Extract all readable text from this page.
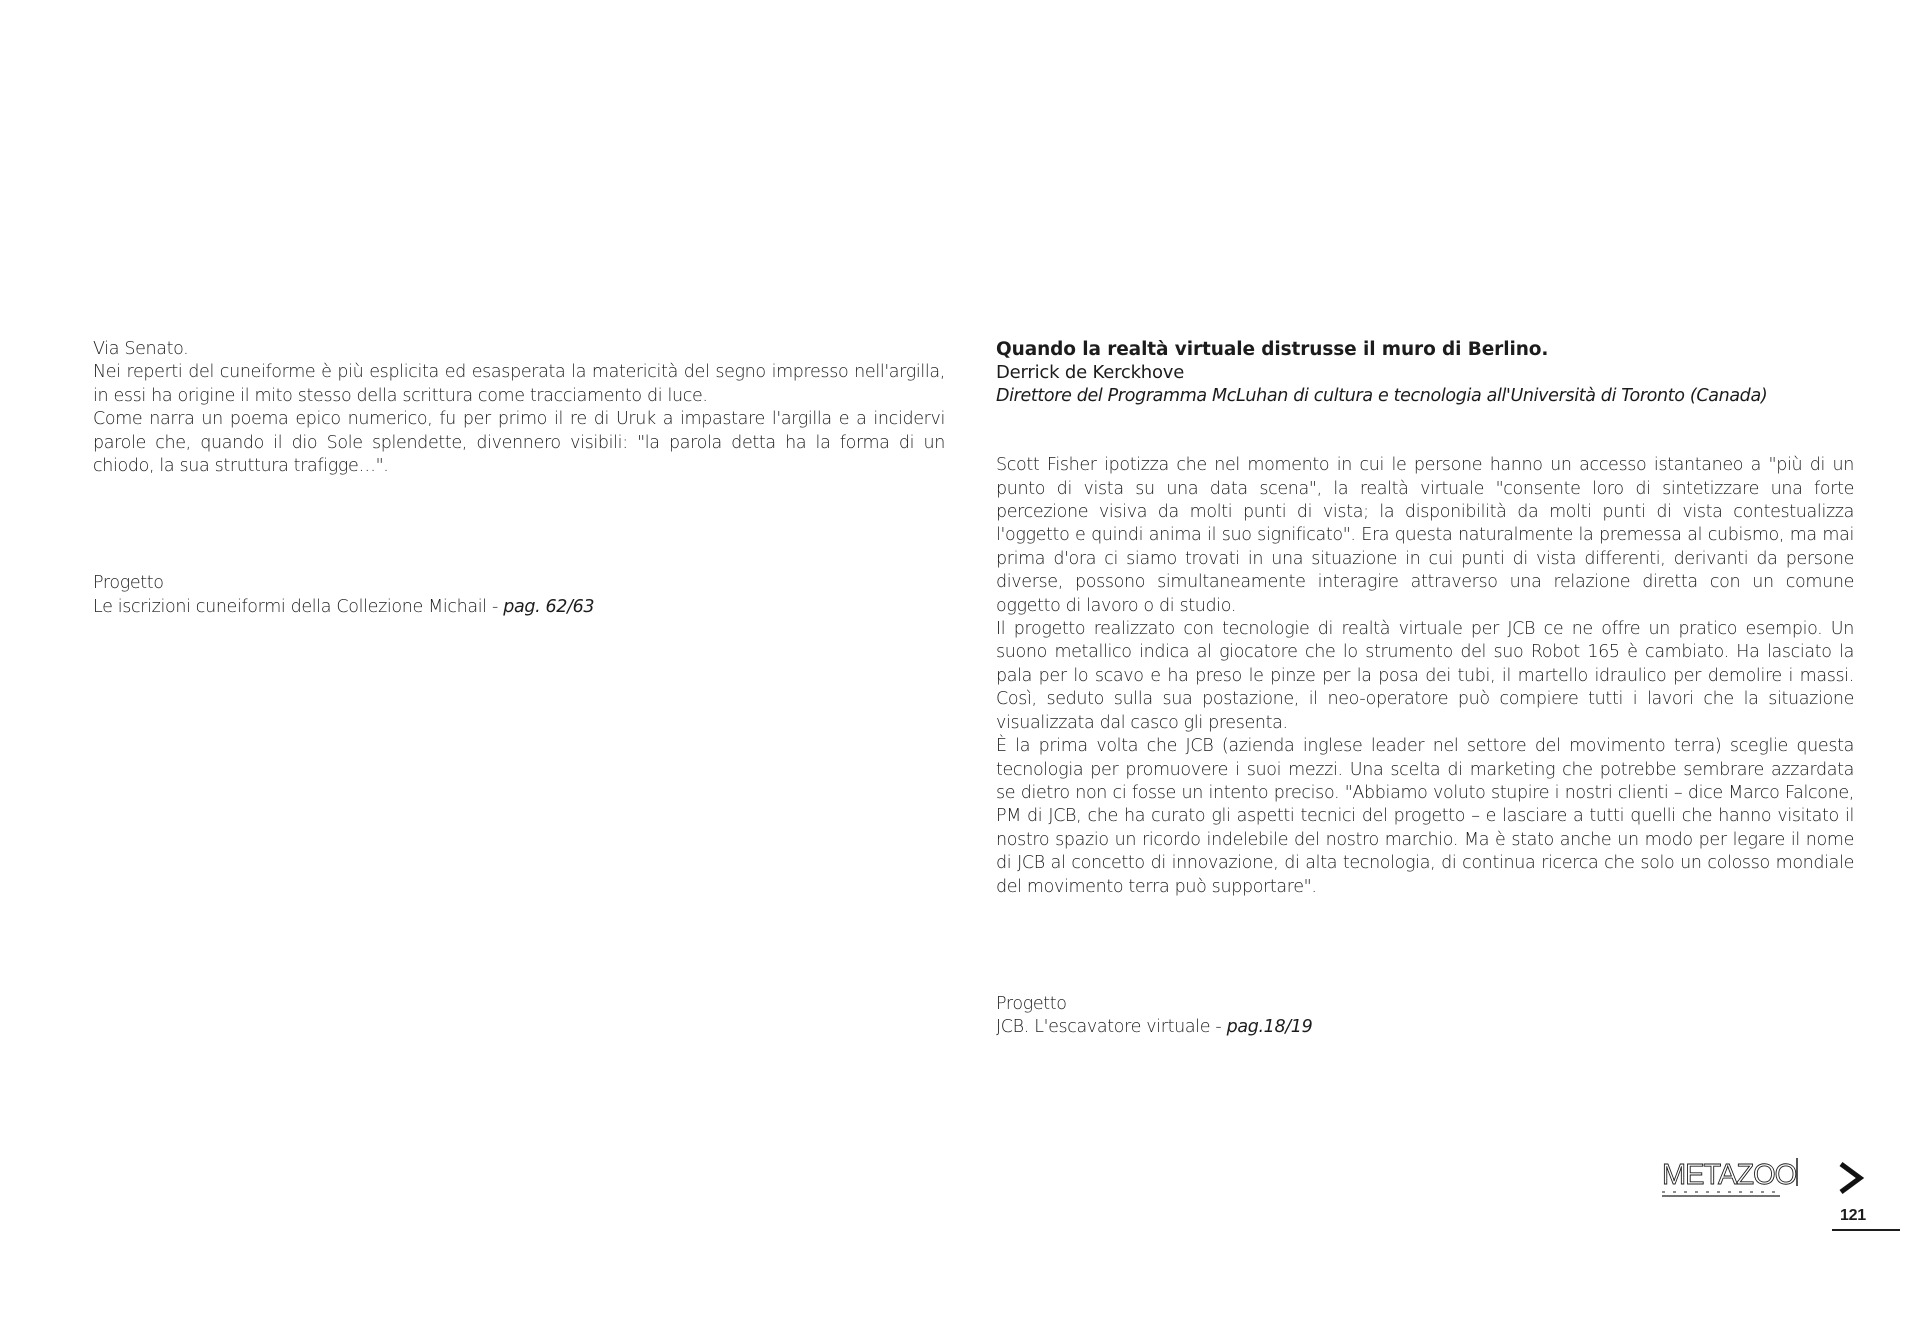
Via Senato.

Nei reperti del cuneiforme è più esplicita ed esasperata la matericità del segno impresso nell'argilla, in essi ha origine il mito stesso della scrittura come tracciamento di luce.

Come narra un poema epico numerico, fu per primo il re di Uruk a impastare l'argilla e a incidervi parole che, quando il dio Sole splendette, divennero visibili: "la parola detta ha la forma di un chiodo, la sua struttura trafigge…".

Progetto

Le iscrizioni cuneiformi della Collezione Michail - pag. 62/63

Quando la realtà virtuale distrusse il muro di Berlino.

Derrick de Kerckhove

Direttore del Programma McLuhan di cultura e tecnologia all'Università di Toronto (Canada)

Scott Fisher ipotizza che nel momento in cui le persone hanno un accesso istantaneo a "più di un punto di vista su una data scena", la realtà virtuale "consente loro di sintetizzare una forte percezione visiva da molti punti di vista; la disponibilità da molti punti di vista contestualizza l'oggetto e quindi anima il suo significato". Era questa naturalmente la premessa al cubismo, ma mai prima d'ora ci siamo trovati in una situazione in cui punti di vista differenti, derivanti da persone diverse, possono simultaneamente interagire attraverso una relazione diretta con un comune oggetto di lavoro o di studio.

Il progetto realizzato con tecnologie di realtà virtuale per JCB ce ne offre un pratico esempio. Un suono metallico indica al giocatore che lo strumento del suo Robot 165 è cambiato. Ha lasciato la pala per lo scavo e ha preso le pinze per la posa dei tubi, il martello idraulico per demolire i massi. Così, seduto sulla sua postazione, il neo-operatore può compiere tutti i lavori che la situazione visualizzata dal casco gli presenta.

È la prima volta che JCB (azienda inglese leader nel settore del movimento terra) sceglie questa tecnologia per promuovere i suoi mezzi. Una scelta di marketing che potrebbe sembrare azzardata se dietro non ci fosse un intento preciso. "Abbiamo voluto stupire i nostri clienti – dice Marco Falcone, PM di JCB, che ha curato gli aspetti tecnici del progetto – e lasciare a tutti quelli che hanno visitato il nostro spazio un ricordo indelebile del nostro marchio. Ma è stato anche un modo per legare il nome di JCB al concetto di innovazione, di alta tecnologia, di continua ricerca che solo un colosso mondiale del movimento terra può supportare".

Progetto

JCB. L'escavatore virtuale - pag.18/19

METAZOO
121
